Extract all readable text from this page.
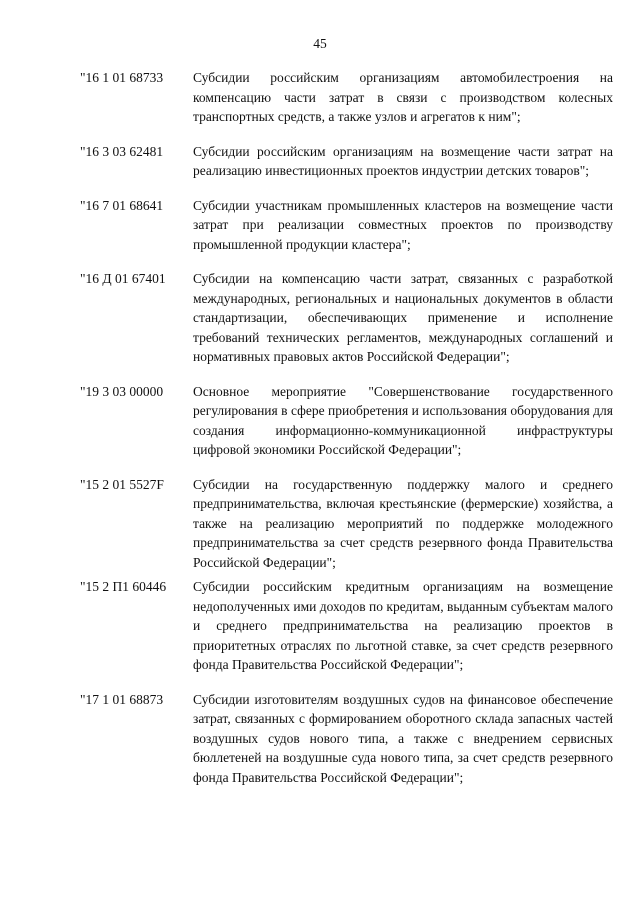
45
"16 1 01 68733	Субсидии российским организациям автомобилестроения на компенсацию части затрат в связи с производством колесных транспортных средств, а также узлов и агрегатов к ним";
"16 3 03 62481	Субсидии российским организациям на возмещение части затрат на реализацию инвестиционных проектов индустрии детских товаров";
"16 7 01 68641	Субсидии участникам промышленных кластеров на возмещение части затрат при реализации совместных проектов по производству промышленной продукции кластера";
"16 Д 01 67401	Субсидии на компенсацию части затрат, связанных с разработкой международных, региональных и национальных документов в области стандартизации, обеспечивающих применение и исполнение требований технических регламентов, международных соглашений и нормативных правовых актов Российской Федерации";
"19 3 03 00000	Основное мероприятие "Совершенствование государственного регулирования в сфере приобретения и использования оборудования для создания информационно-коммуникационной инфраструктуры цифровой экономики Российской Федерации";
"15 2 01 5527F	Субсидии на государственную поддержку малого и среднего предпринимательства, включая крестьянские (фермерские) хозяйства, а также на реализацию мероприятий по поддержке молодежного предпринимательства за счет средств резервного фонда Правительства Российской Федерации";
"15 2 П1 60446	Субсидии российским кредитным организациям на возмещение недополученных ими доходов по кредитам, выданным субъектам малого и среднего предпринимательства на реализацию проектов в приоритетных отраслях по льготной ставке, за счет средств резервного фонда Правительства Российской Федерации";
"17 1 01 68873	Субсидии изготовителям воздушных судов на финансовое обеспечение затрат, связанных с формированием оборотного склада запасных частей воздушных судов нового типа, а также с внедрением сервисных бюллетеней на воздушные суда нового типа, за счет средств резервного фонда Правительства Российской Федерации";
